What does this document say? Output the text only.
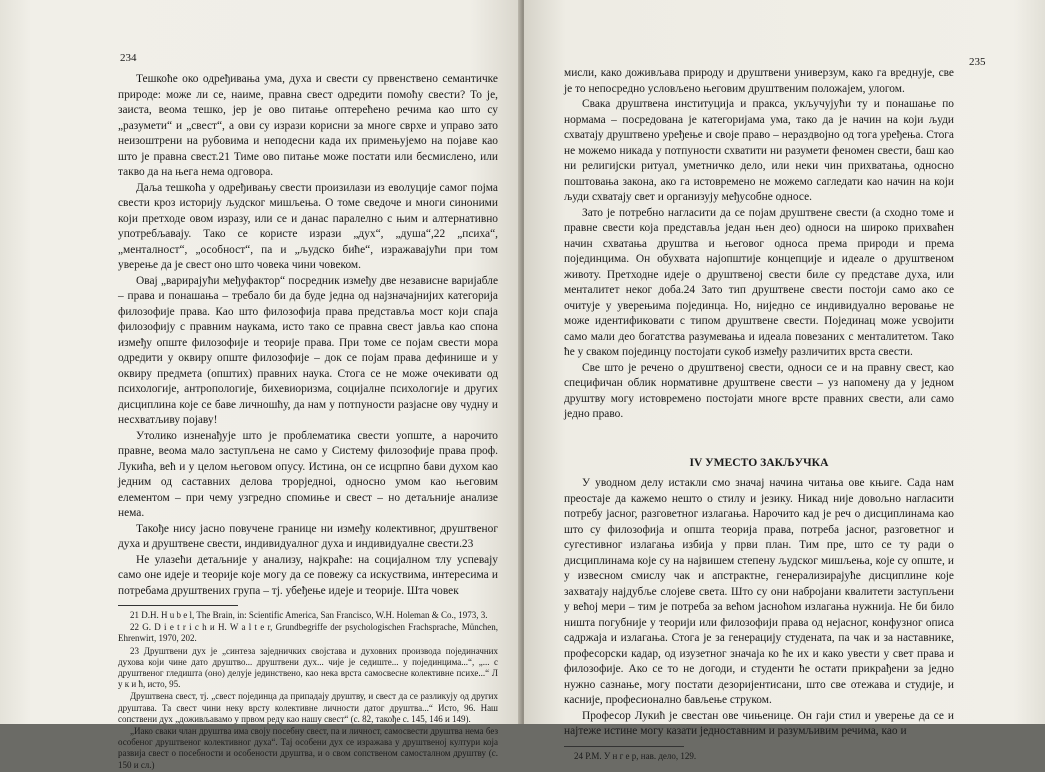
234

Тешкоће око одређивања ума, духа и свести су првенствено семантичке природе: може ли се, наиме, правна свест одредити помоћу свести? То је, заиста, веома тешко, јер је ово питање оптерећено речима као што су „разумети“ и „свест“, а ови су изрази корисни за многе сврхе и управо зато неизоштрени на рубовима и неподесни када их примењујемо на појаве као што је правна свест.21 Тиме ово питање може постати или бесмислено, или такво да на њега нема одговора.

Даља тешкоћа у одређивању свести произилази из еволуције самог појма свести кроз историју људског мишљења. О томе сведоче и многи синоними који претходе овом изразу, или се и данас паралелно с њим и алтернативно употребљавају. Тако се користе изрази „дух“, „душа“,22 „психа“, „менталност“, „особност“, па и „људско биће“, изражавајући при том уверење да је свест оно што човека чини човеком.

Овај „варирајући међуфактор“ посредник између две независне варијабле – права и понашања – требало би да буде једна од најзначајнијих категорија филозофије права. Као што филозофија права представља мост који спаја филозофију с правним наукама, исто тако се правна свест јавља као спона између опште филозофије и теорије права. При томе се појам свести мора одредити у оквиру опште филозофије – док се појам права дефинише и у оквиру предмета (општих) правних наука. Стога се не може очекивати од психологије, антропологије, бихевиоризма, социјалне психологије и других дисциплина које се баве личношћу, да нам у потпуности разјасне ову чудну и несхватљиву појаву!

Утолико изненађује што је проблематика свести уопште, а нарочито правне, веома мало заступљена не само у Систему филозофије права проф. Лукића, већ и у целом његовом опусу. Истина, он се исцрпно бави духом као једним од саставних делова трорједнoi, односно умом као његовим елементом – при чему узгредно спомиње и свест – но детаљније анализе нема.

Такође нису јасно повучене границе ни између колективног, друштвеног духа и друштвене свести, индивидуалног духа и индивидуалне свести.23

Не улазећи детаљније у анализу, најкраће: на социјалном тлу успевају само оне идеје и теорије које могу да се повежу са искуствима, интересима и потребама друштвених група – тј. убеђење идеје и теорије. Шта човек

21 D.H. H u b e l, The Brain, in: Scientific America, San Francisco, W.H. Holeman & Co., 1973, 3.

22 G. D i e t r i c h и H. W a l t e r, Grundbegriffe der psychologischen Frachsprache, München, Ehrenwirt, 1970, 202.

23 Друштвени дух је „синтеза заједничких својстава и духовних производа појединачних духова који чине дато друштво... друштвени дух... чије је седиште... у појединцима...“, „... с друштвеног гледишта (оно) делује јединствено, као нека врста самосвесне колективне психе...“ Л у к и ћ, исто, 95.

Друштвена свест, тј. „свест појединца да припадају друштву, и свест да се разликују од других друштава. Та свест чини неку врсту колективне личности датог друштва...“ Исто, 96. Наш сопствени дух „доживљавамо у првом реду као нашу свест“ (с. 82, такође с. 145, 146 и 149).

„Иако сваки члан друштва има своју посебну свест, па и личност, самосвести друштва нема без особеног друштвеног колективног духа“. Тај особени дух се изражава у друштвеној култури која развија свест о посебности и особености друштва, и о свом сопственом самосталном друштву (с. 150 и сл.)

235

мисли, како доживљава природу и друштвени универзум, како га вреднује, све је то непосредно условљено његовим друштвеним положајем, улогом.

Свака друштвена институција и пракса, укључујући ту и понашање по нормама – посредована је категоријама ума, тако да је начин на који људи схватају друштвено уређење и своје право – нераздвојно од тога уређења. Стога не можемо никада у потпуности схватити ни разумети феномен свести, баш као ни религијски ритуал, уметничко дело, или неки чин прихватања, односно поштовања закона, ако га истовремено не можемо сагледати као начин на који људи схватају свет и организују међусобне односе.

Зато је потребно нагласити да се појам друштвене свести (а сходно томе и правне свести која представља један њен део) односи на широко прихваћен начин схватања друштва и његовог односа према природи и према појединцима. Он обухвата најопштије концепције и идеале о друштвеном животу. Претходне идеје о друштвеној свести биле су представе духа, или менталитет неког доба.24 Зато тип друштвене свести постоји само ако се очитује у уверењима појединца. Но, ниједно се индивидуално веровање не може идентификовати с типом друштвене свести. Појединац може усвојити само мали део богатства разумевања и идеала повезаних с менталитетом. Тако ће у сваком појединцу постојати сукоб између различитих врста свести.

Све што је речено о друштвеној свести, односи се и на правну свест, као специфичан облик нормативне друштвене свести – уз напомену да у једном друштву могу истовремено постојати многе врсте правних свести, али само једно право.

IV УМЕСТО ЗАКЉУЧКА

У уводном делу истакли смо значај начина читања ове књиге. Сада нам преостаје да кажемо нешто о стилу и језику. Никад није довољно нагласити потребу јасног, разговетног излагања. Нарочито кад је реч о дисциплинама као што су филозофија и општа теорија права, потреба јасног, разговетног и сугестивног излагања избија у први план. Тим пре, што се ту ради о дисциплинама које су на највишем степену људског мишљења, које су опште, и у извесном смислу чак и апстрактне, генерализирајуће дисциплине које захватају најдубље слојеве света. Што су они набројани квалитети заступљени у већој мери – тим је потреба за већом јасноћом излагања нужнија. Не би било ништа погубније у теорији или филозофији права од нејасног, конфузног описа садржаја и излагања. Стога је за генерацију студената, па чак и за наставнике, професорски кадар, од изузетног значаја ко ће их и како увести у свет права и филозофије. Ако се то не догоди, и студенти ће остати прикрађени за једно нужно сазнање, могу постати дезоријентисани, што све отежава и студије, и касније, професионално бављење струком.

Професор Лукић је свестан ове чињенице. Он гаји стил и уверење да се и најтеже истине могу казати једноставним и разумљивим речима, као и

24 Р.М. У н г е р, нав. дело, 129.
